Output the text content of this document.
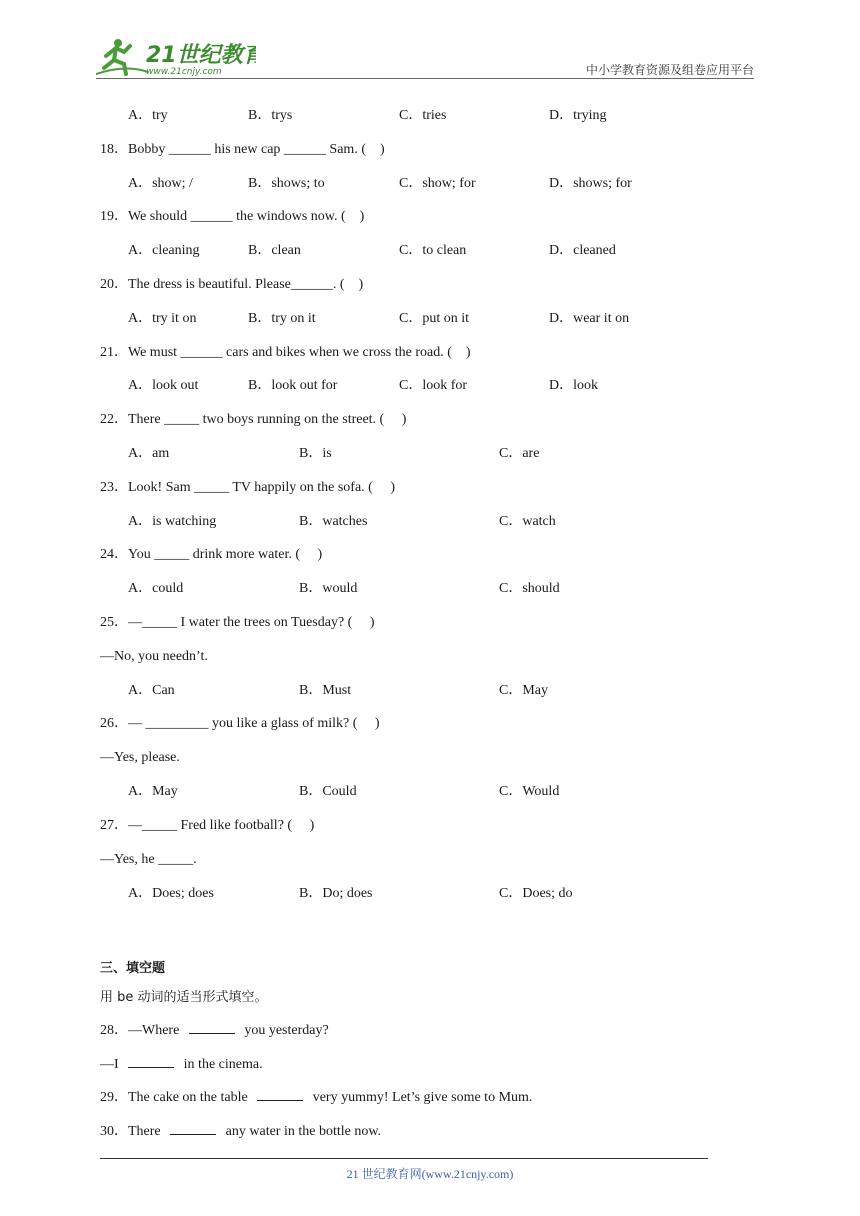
21世纪教育
www.21cnjy.com	中小学教育资源及组卷应用平台
A．try	B．trys	C．tries	D．trying
18．Bobby ______ his new cap ______ Sam. (    )
A．show; /	B．shows; to	C．show; for	D．shows; for
19．We should ______ the windows now. (    )
A．cleaning	B．clean	C．to clean	D．cleaned
20．The dress is beautiful. Please______. (    )
A．try it on	B．try on it	C．put on it	D．wear it on
21．We must ______ cars and bikes when we cross the road. (    )
A．look out	B．look out for	C．look for	D．look
22．There _____ two boys running on the street. (     )
A．am	B．is	C．are
23．Look! Sam _____ TV happily on the sofa. (     )
A．is watching	B．watches	C．watch
24．You _____ drink more water. (     )
A．could	B．would	C．should
25．—_____ I water the trees on Tuesday? (     )
—No, you needn’t.
A．Can	B．Must	C．May
26．— _________ you like a glass of milk? (     )
—Yes, please.
A．May	B．Could	C．Would
27．—_____ Fred like football? (     )
—Yes, he _____.
A．Does; does	B．Do; does	C．Does; do
三、填空题
用 be 动词的适当形式填空。
28．—Where	you yesterday?
—I	in the cinema.
29．The cake on the table	very yummy! Let’s give some to Mum.
30．There	any water in the bottle now.
21 世纪教育网(www.21cnjy.com)
